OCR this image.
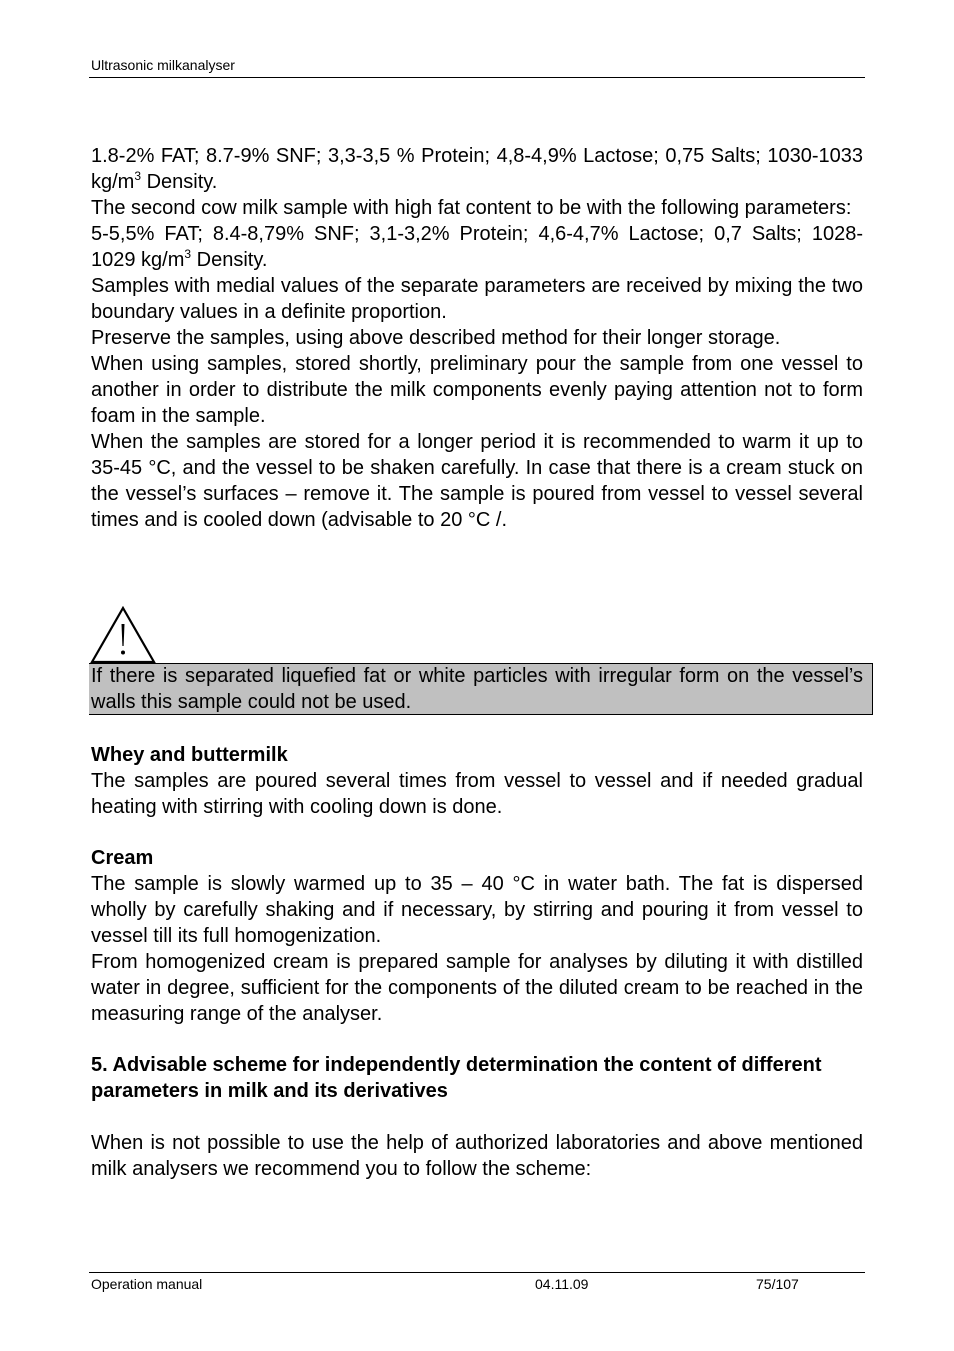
Ultrasonic milkanalyser

1.8-2% FAT; 8.7-9% SNF; 3,3-3,5 % Protein; 4,8-4,9% Lactose; 0,75 Salts; 1030-1033 $kg/m^3$ Density.

The second cow milk sample with high fat content to be with the following parameters:

5-5,5% FAT; 8.4-8,79% SNF; 3,1-3,2% Protein; 4,6-4,7% Lactose; 0,7 Salts; 1028-1029 $kg/m^3$ Density.

Samples with medial values of the separate parameters are received by mixing the two boundary values in a definite proportion.

Preserve the samples, using above described method for their longer storage.

When using samples, stored shortly, preliminary pour the sample from one vessel to another in order to distribute the milk components evenly paying attention not to form foam in the sample.

When the samples are stored for a longer period it is recommended to warm it up to 35-45 °C, and the vessel to be shaken carefully. In case that there is a cream stuck on the vessel’s surfaces – remove it. The sample is poured from vessel to vessel several times and is cooled down (advisable to 20 °C /.

If there is separated liquefied fat or white particles with irregular form on the vessel’s walls this sample could not be used.

Whey and buttermilk

The samples are poured several times from vessel to vessel and if needed gradual heating with stirring with cooling down is done.

Cream

The sample is slowly warmed up to 35 – 40 °C in water bath. The fat is dispersed wholly by carefully shaking and if necessary, by stirring and pouring it from vessel to vessel till its full homogenization.

From homogenized cream is prepared sample for analyses by diluting it with distilled water in degree, sufficient for the components of the diluted cream to be reached in the measuring range of the analyser.

5. Advisable scheme for independently determination the content of different parameters in milk and its derivatives

When is not possible to use the help of authorized laboratories and above mentioned milk analysers we recommend you to follow the scheme:

Operation manual	04.11.09	75/107
